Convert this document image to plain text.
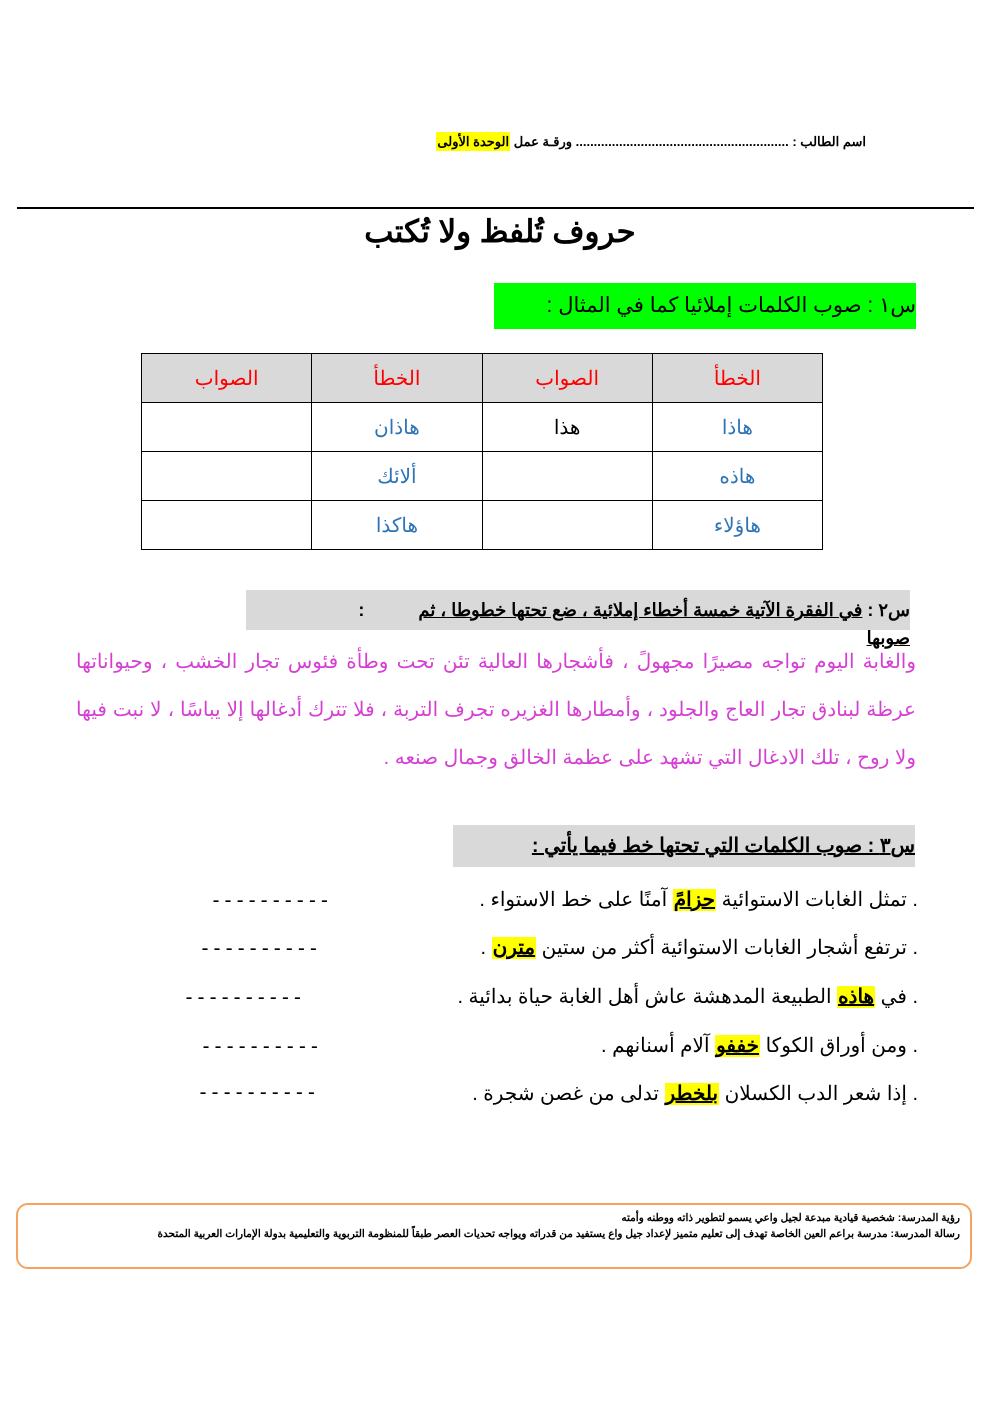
اسم الطالب : ........................................................... ورقـة عمل الوحدة الأولى
حروف تُلفظ ولا تُكتب
س١ : صوب الكلمات إملائيا كما في المثال :
الخطأ	الصواب	الخطأ	الصواب
هاذا	هذا	هاذان	
هاذه		ألائك	
هاؤلاء		هاكذا	
س٢ : في الفقرة الآتية خمسة أخطاء إملائية ، ضع تحتها خطوطا ، ثم  :
والغابة اليوم تواجه مصيرًا مجهولً ، فأشجارها العالية تئن تحت وطأة فئوس تجار الخشب ، وحيواناتها عرظة لبنادق تجار العاج والجلود ، وأمطارها الغزيره تجرف التربة ، فلا تترك أدغالها إلا يباسًا ، لا نبت فيها ولا روح ، تلك الادغال التي تشهد على عظمة الخالق وجمال صنعه .
صوبها
س٣ : صوب الكلمات التي تحتها خط فيما يأتي :
. تمثل الغابات الاستوائية حزامً آمنًا على خط الاستواء .
----------
. ترتفع أشجار الغابات الاستوائية أكثر من ستين مترن .
----------
. في هاذه الطبيعة المدهشة عاش أهل الغابة حياة بدائية .
----------
. ومن أوراق الكوكا خففو آلام أسنانهم .
----------
. إذا شعر الدب الكسلان بلخطر تدلى من غصن شجرة .
----------
رؤية المدرسة: شخصية قيادية مبدعة لجيل واعي يسمو لتطوير ذاته ووطنه وأمته
رسالة المدرسة: مدرسة براعم العين الخاصة تهدف إلى تعليم متميز لإعداد جيل واع يستفيد من قدراته ويواجه تحديات العصر طبقاً للمنظومة التربوية والتعليمية بدولة الإمارات العربية المتحدة
